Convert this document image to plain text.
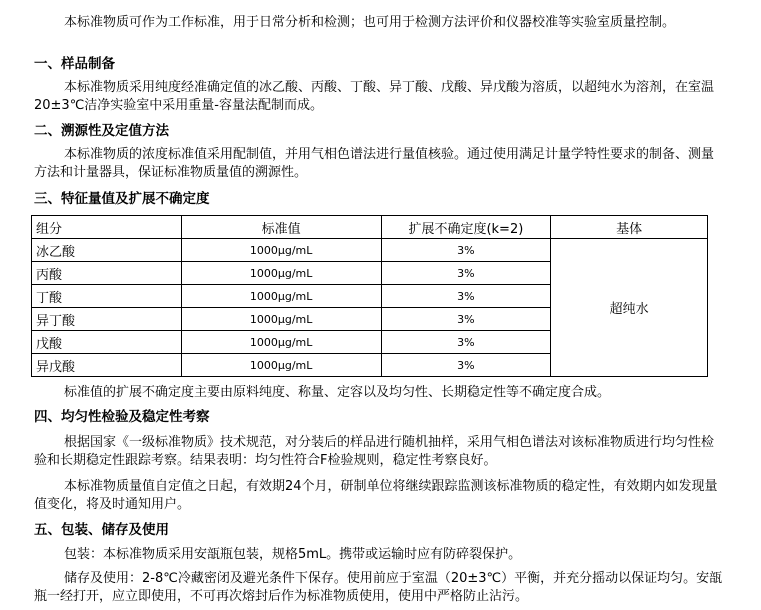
本标准物质可作为工作标准，用于日常分析和检测；也可用于检测方法评价和仪器校准等实验室质量控制。

一、样品制备

本标准物质采用纯度经准确定值的冰乙酸、丙酸、丁酸、异丁酸、戊酸、异戊酸为溶质，以超纯水为溶剂，在室温20±3℃洁净实验室中采用重量-容量法配制而成。

二、溯源性及定值方法

本标准物质的浓度标准值采用配制值，并用气相色谱法进行量值核验。通过使用满足计量学特性要求的制备、测量方法和计量器具，保证标准物质量值的溯源性。

三、特征量值及扩展不确定度

组分	标准值	扩展不确定度(k=2)	基体
冰乙酸	1000μg/mL	3%	超纯水
丙酸	1000μg/mL	3%	
丁酸	1000μg/mL	3%	
异丁酸	1000μg/mL	3%	
戊酸	1000μg/mL	3%	
异戊酸	1000μg/mL	3%	

标准值的扩展不确定度主要由原料纯度、称量、定容以及均匀性、长期稳定性等不确定度合成。

四、均匀性检验及稳定性考察

根据国家《一级标准物质》技术规范，对分装后的样品进行随机抽样，采用气相色谱法对该标准物质进行均匀性检验和长期稳定性跟踪考察。结果表明：均匀性符合F检验规则，稳定性考察良好。

本标准物质量值自定值之日起，有效期24个月，研制单位将继续跟踪监测该标准物质的稳定性，有效期内如发现量值变化，将及时通知用户。

五、包装、储存及使用

包装：本标准物质采用安瓿瓶包装，规格5mL。携带或运输时应有防碎裂保护。

储存及使用：2-8℃冷藏密闭及避光条件下保存。使用前应于室温（20±3℃）平衡，并充分摇动以保证均匀。安瓿瓶一经打开，应立即使用，不可再次熔封后作为标准物质使用，使用中严格防止沾污。
